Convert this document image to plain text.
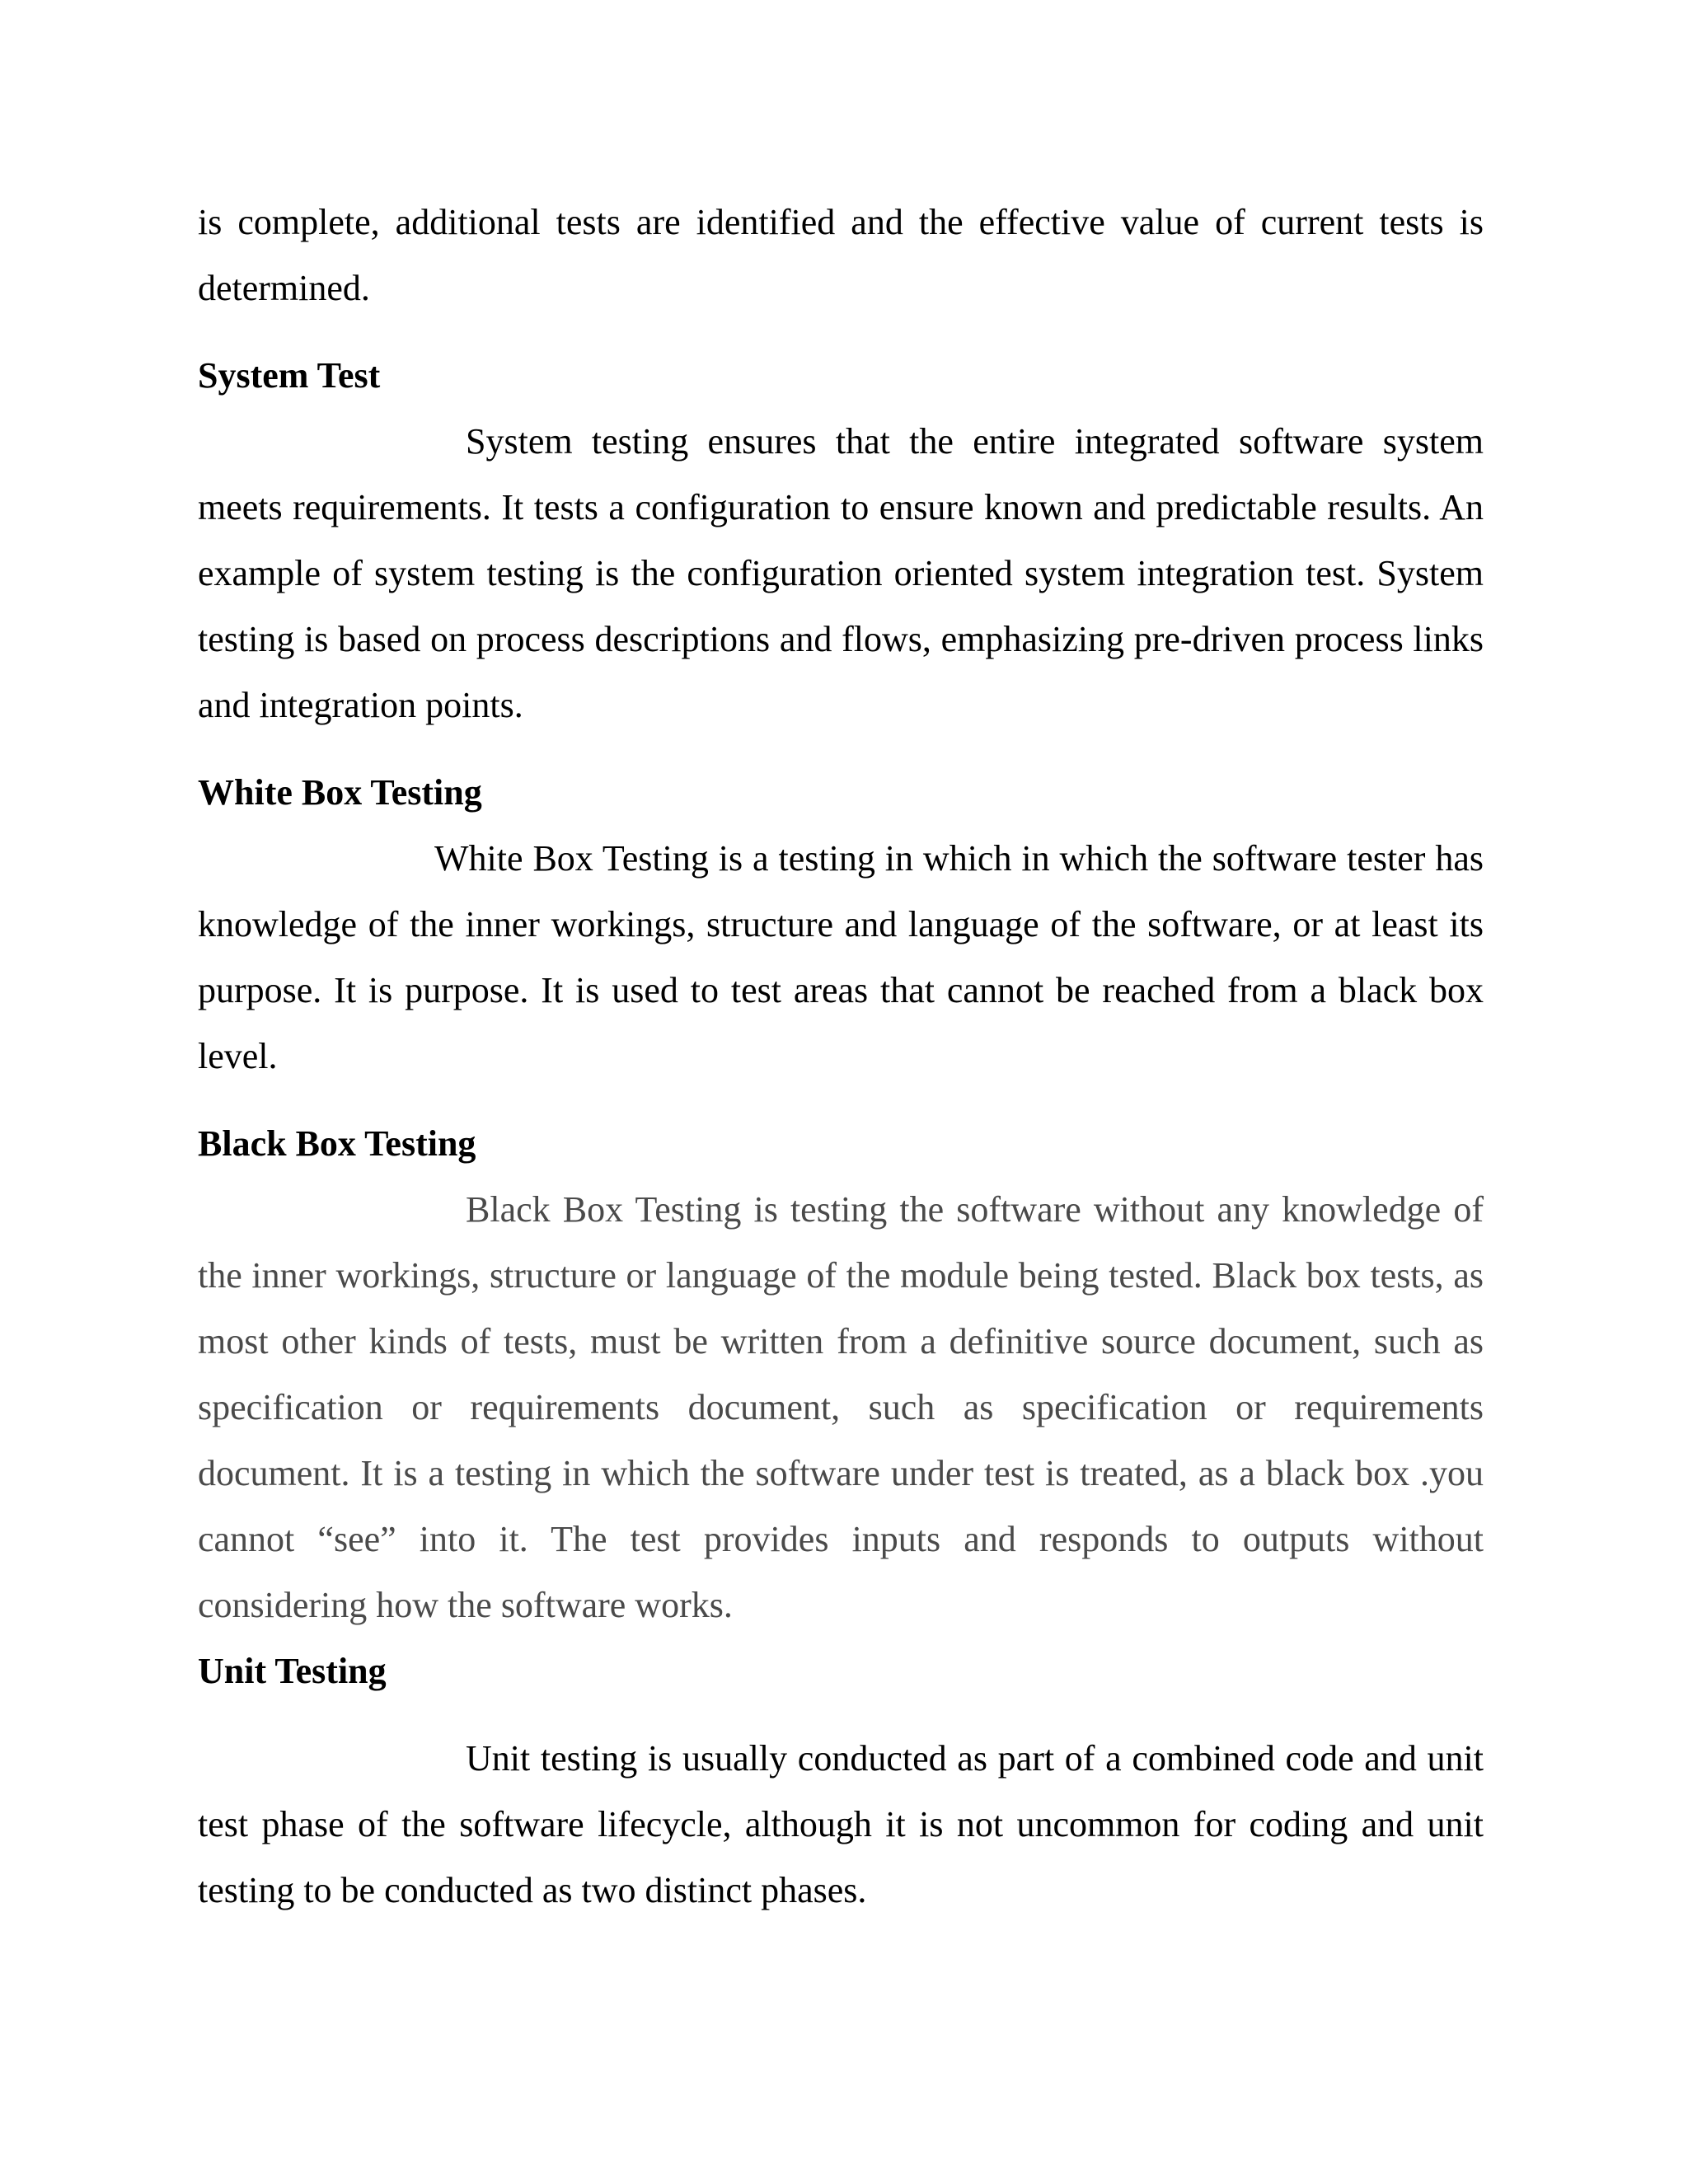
is complete, additional tests are identified and the effective value of current tests is determined.

System Test

System testing ensures that the entire integrated software system meets requirements. It tests a configuration to ensure known and predictable results. An example of system testing is the configuration oriented system integration test. System testing is based on process descriptions and flows, emphasizing pre-driven process links and integration points.

White Box Testing

White Box Testing is a testing in which in which the software tester has knowledge of the inner workings, structure and language of the software, or at least its purpose. It is purpose. It is used to test areas that cannot be reached from a black box level.

Black Box Testing

Black Box Testing is testing the software without any knowledge of the inner workings, structure or language of the module being tested. Black box tests, as most other kinds of tests, must be written from a definitive source document, such as specification or requirements document, such as specification or requirements document. It is a testing in which the software under test is treated, as a black box .you cannot “see” into it. The test provides inputs and responds to outputs without considering how the software works.

Unit Testing

Unit testing is usually conducted as part of a combined code and unit test phase of the software lifecycle, although it is not uncommon for coding and unit testing to be conducted as two distinct phases.
